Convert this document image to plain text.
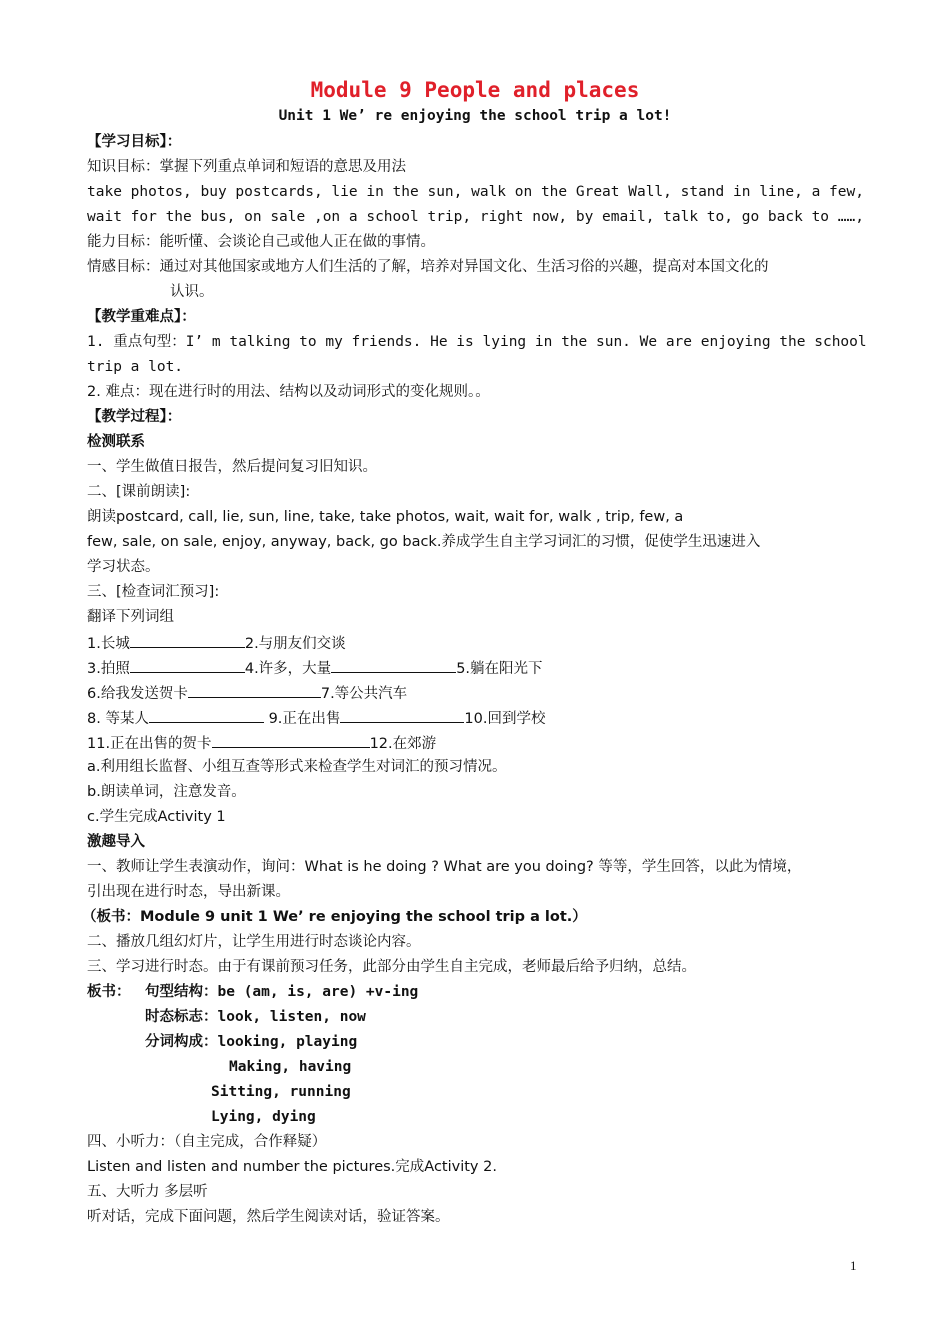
Module 9 People and places
Unit 1 We’ re enjoying the school trip a lot!
【学习目标】：
知识目标：掌握下列重点单词和短语的意思及用法
take photos, buy postcards, lie in the sun, walk on the Great Wall, stand in line, a few,
wait for the bus, on sale ,on a school trip, right now, by email, talk to, go back to ……,
能力目标：能听懂、会谈论自己或他人正在做的事情。
情感目标：通过对其他国家或地方人们生活的了解，培养对异国文化、生活习俗的兴趣，提高对本国文化的
认识。
【教学重难点】：
1. 重点句型：I’ m talking to my friends. He is lying in the sun. We are enjoying the school
trip a lot.
2. 难点：现在进行时的用法、结构以及动词形式的变化规则。。
【教学过程】：
检测联系
一、学生做值日报告，然后提问复习旧知识。
二、[课前朗读]:
朗读postcard, call, lie, sun, line, take, take photos, wait, wait for, walk , trip, few, a
few, sale, on sale, enjoy, anyway, back, go back.养成学生自主学习词汇的习惯，促使学生迅速进入
学习状态。
三、[检查词汇预习]:
翻译下列词组
1.长城	2.与朋友们交谈
3.拍照	4.许多，大量	5.躺在阳光下
6.给我发送贺卡	7.等公共汽车
8. 等某人	9.正在出售	10.回到学校
11.正在出售的贺卡	12.在郊游
a.利用组长监督、小组互查等形式来检查学生对词汇的预习情况。
b.朗读单词，注意发音。
c.学生完成Activity 1
激趣导入
一、教师让学生表演动作，询问：What is he doing ? What are you doing? 等等，学生回答，以此为情境，
引出现在进行时态，导出新课。
（板书：Module 9 unit 1 We’ re enjoying the school trip a lot.）
二、播放几组幻灯片，让学生用进行时态谈论内容。
三、学习进行时态。由于有课前预习任务，此部分由学生自主完成，老师最后给予归纳，总结。
板书：	句型结构：be (am, is, are) +v-ing
时态标志：look, listen, now
分词构成：looking, playing
Making, having
Sitting, running
Lying, dying
四、小听力：（自主完成，合作释疑）
Listen and listen and number the pictures.完成Activity 2.
五、大听力 多层听
听对话，完成下面问题，然后学生阅读对话，验证答案。
1
